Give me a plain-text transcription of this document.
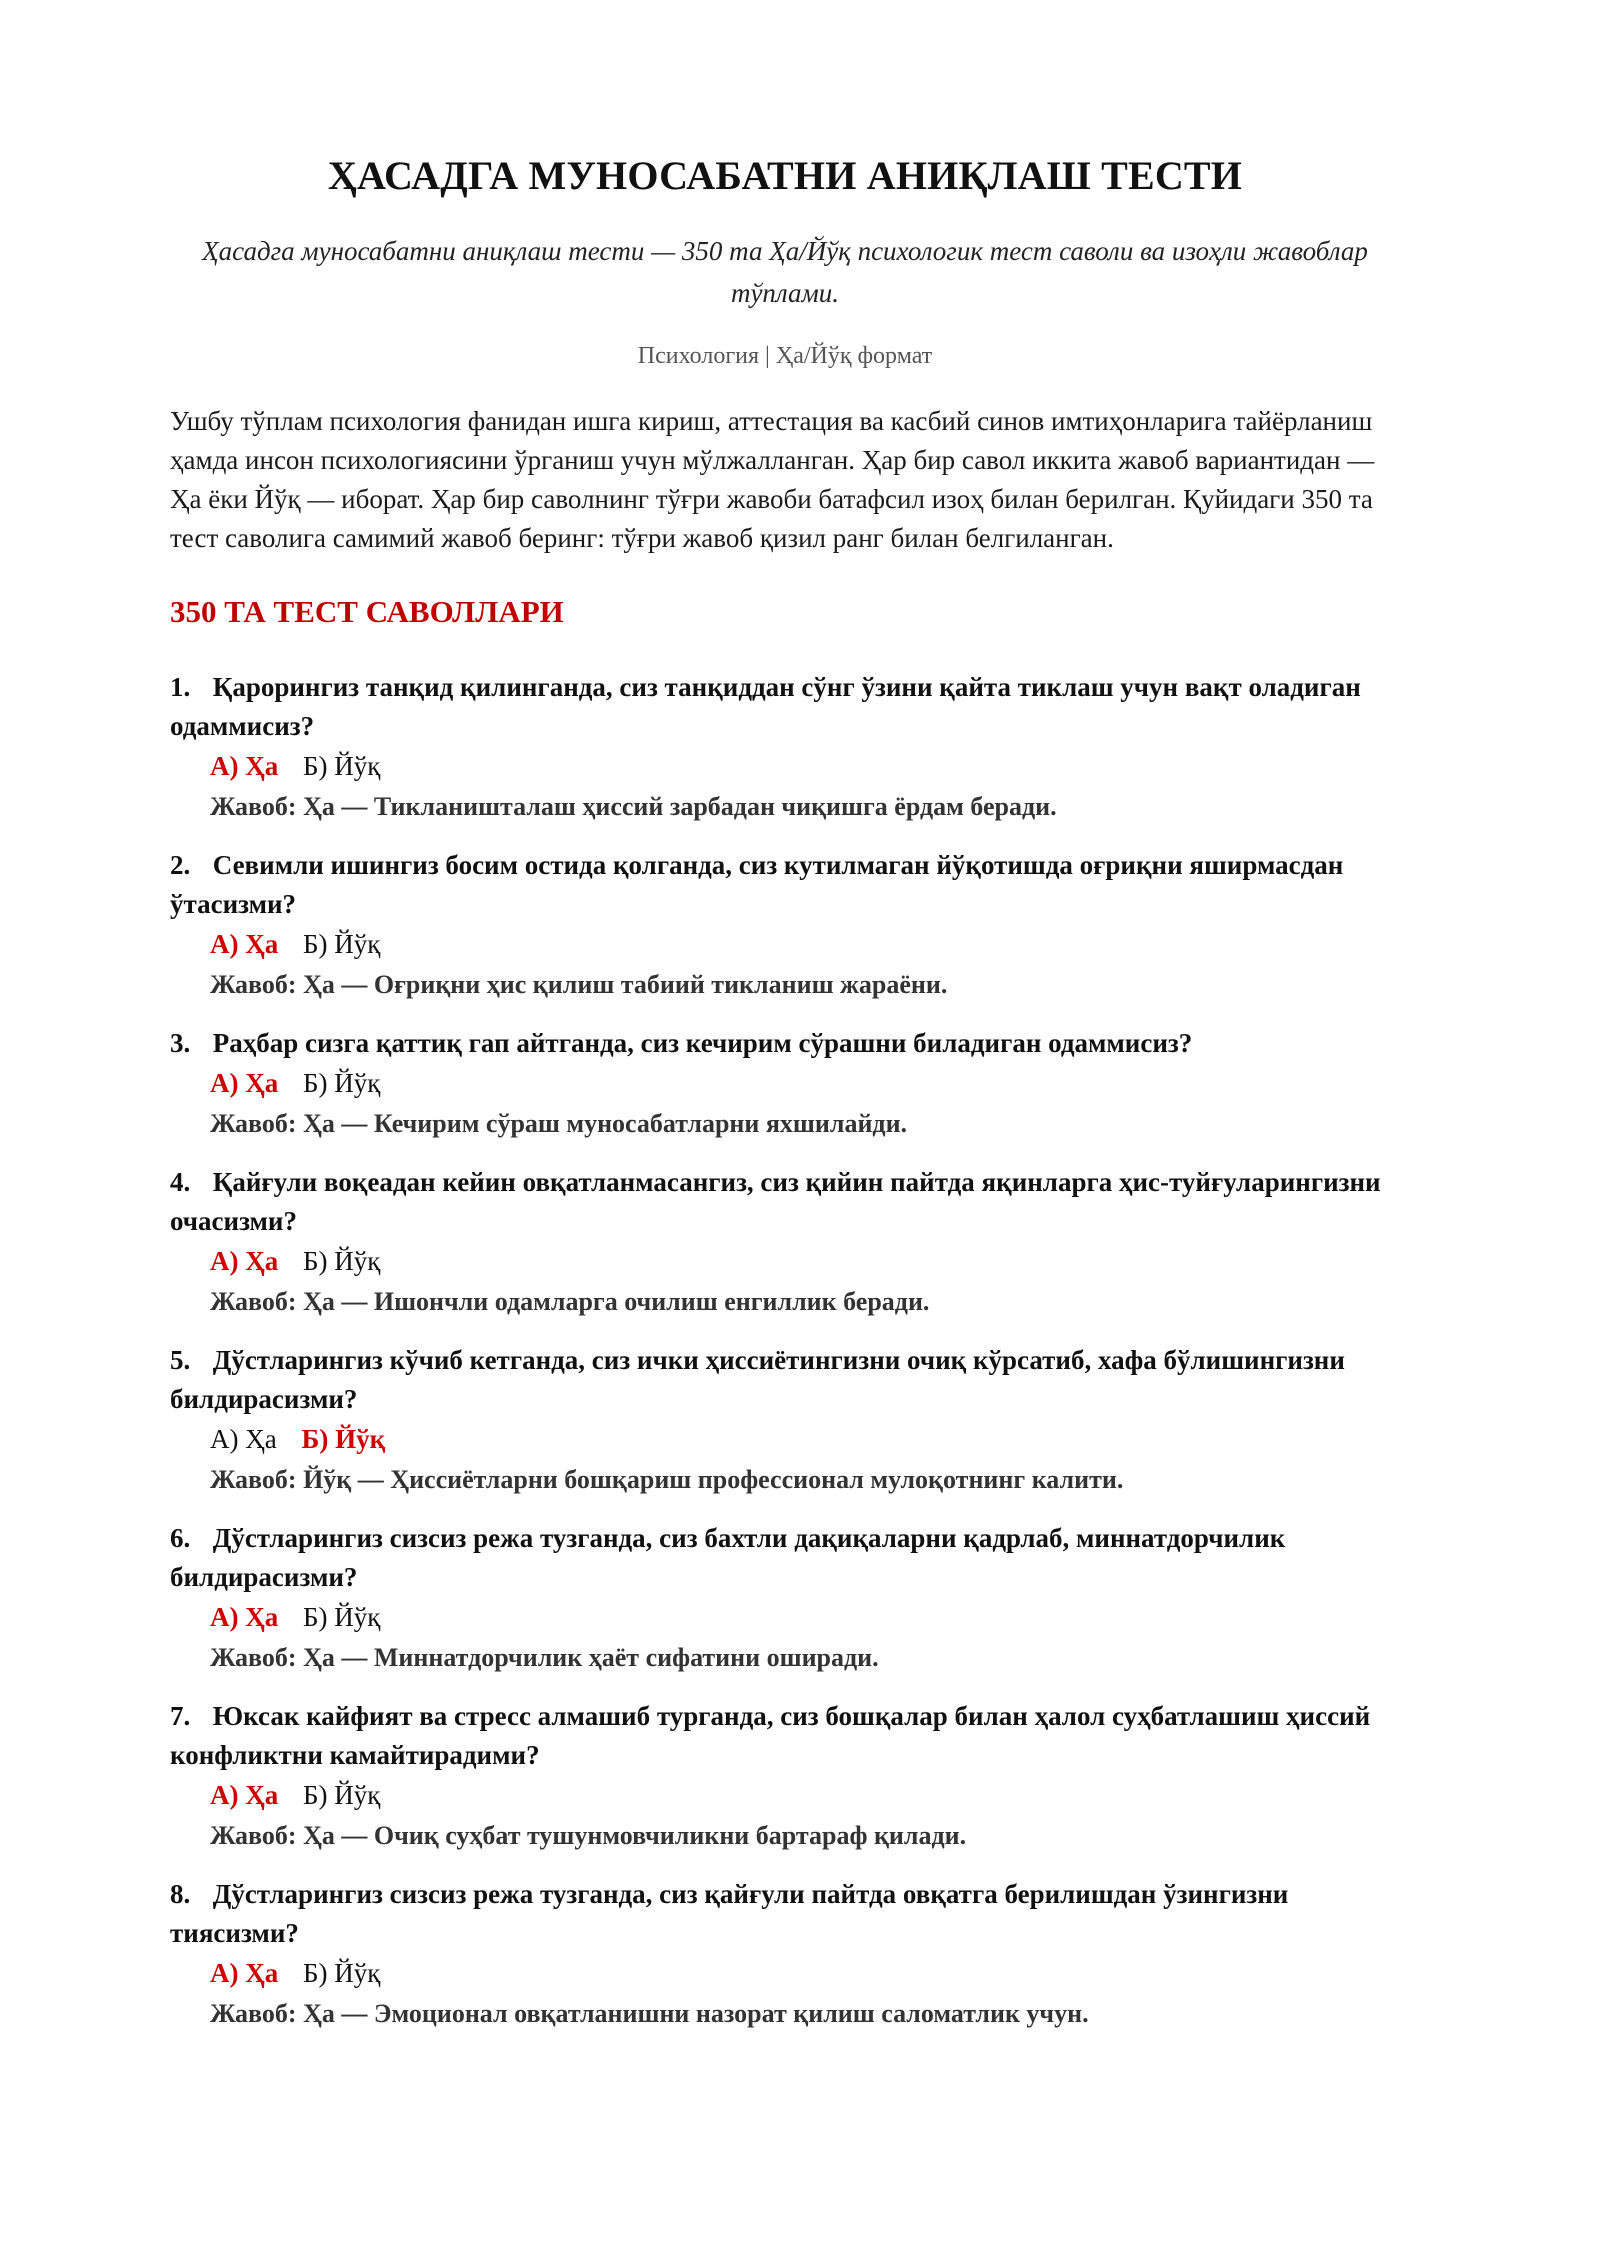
ҲАСАДГА МУНОСАБАТНИ АНИҚЛАШ ТЕСТИ
Ҳасадга муносабатни аниқлаш тести — 350 та Ҳа/Йўқ психологик тест саволи ва изоҳли жавоблар тўплами.
Психология | Ҳа/Йўқ формат
Ушбу тўплам психология фанидан ишга кириш, аттестация ва касбий синов имтиҳонларига тайёрланиш ҳамда инсон психологиясини ўрганиш учун мўлжалланган. Ҳар бир савол иккита жавоб вариантидан — Ҳа ёки Йўқ — иборат. Ҳар бир саволнинг тўғри жавоби батафсил изоҳ билан берилган. Қуйидаги 350 та тест саволига самимий жавоб беринг: тўғри жавоб қизил ранг билан белгиланган.
350 ТА ТЕСТ САВОЛЛАРИ
1. Қарорингиз танқид қилинганда, сиз танқиддан сўнг ўзини қайта тиклаш учун вақт оладиган одаммисиз?
А) Ҳа Б) Йўқ
Жавоб: Ҳа — Тикланишталаш ҳиссий зарбадан чиқишга ёрдам беради.
2. Севимли ишингиз босим остида қолганда, сиз кутилмаган йўқотишда оғриқни яширмасдан ўтасизми?
А) Ҳа Б) Йўқ
Жавоб: Ҳа — Оғриқни ҳис қилиш табиий тикланиш жараёни.
3. Раҳбар сизга қаттиқ гап айтганда, сиз кечирим сўрашни биладиган одаммисиз?
А) Ҳа Б) Йўқ
Жавоб: Ҳа — Кечирим сўраш муносабатларни яхшилайди.
4. Қайғули воқеадан кейин овқатланмасангиз, сиз қийин пайтда яқинларга ҳис-туйғуларингизни очасизми?
А) Ҳа Б) Йўқ
Жавоб: Ҳа — Ишончли одамларга очилиш енгиллик беради.
5. Дўстларингиз кўчиб кетганда, сиз ички ҳиссиётингизни очиқ кўрсатиб, хафа бўлишингизни билдирасизми?
А) Ҳа Б) Йўқ
Жавоб: Йўқ — Ҳиссиётларни бошқариш профессионал мулоқотнинг калити.
6. Дўстларингиз сизсиз режа тузганда, сиз бахтли дақиқаларни қадрлаб, миннатдорчилик билдирасизми?
А) Ҳа Б) Йўқ
Жавоб: Ҳа — Миннатдорчилик ҳаёт сифатини оширади.
7. Юксак кайфият ва стресс алмашиб турганда, сиз бошқалар билан ҳалол суҳбатлашиш ҳиссий конфликтни камайтирадими?
А) Ҳа Б) Йўқ
Жавоб: Ҳа — Очиқ суҳбат тушунмовчиликни бартараф қилади.
8. Дўстларингиз сизсиз режа тузганда, сиз қайғули пайтда овқатга берилишдан ўзингизни тиясизми?
А) Ҳа Б) Йўқ
Жавоб: Ҳа — Эмоционал овқатланишни назорат қилиш саломатлик учун.
